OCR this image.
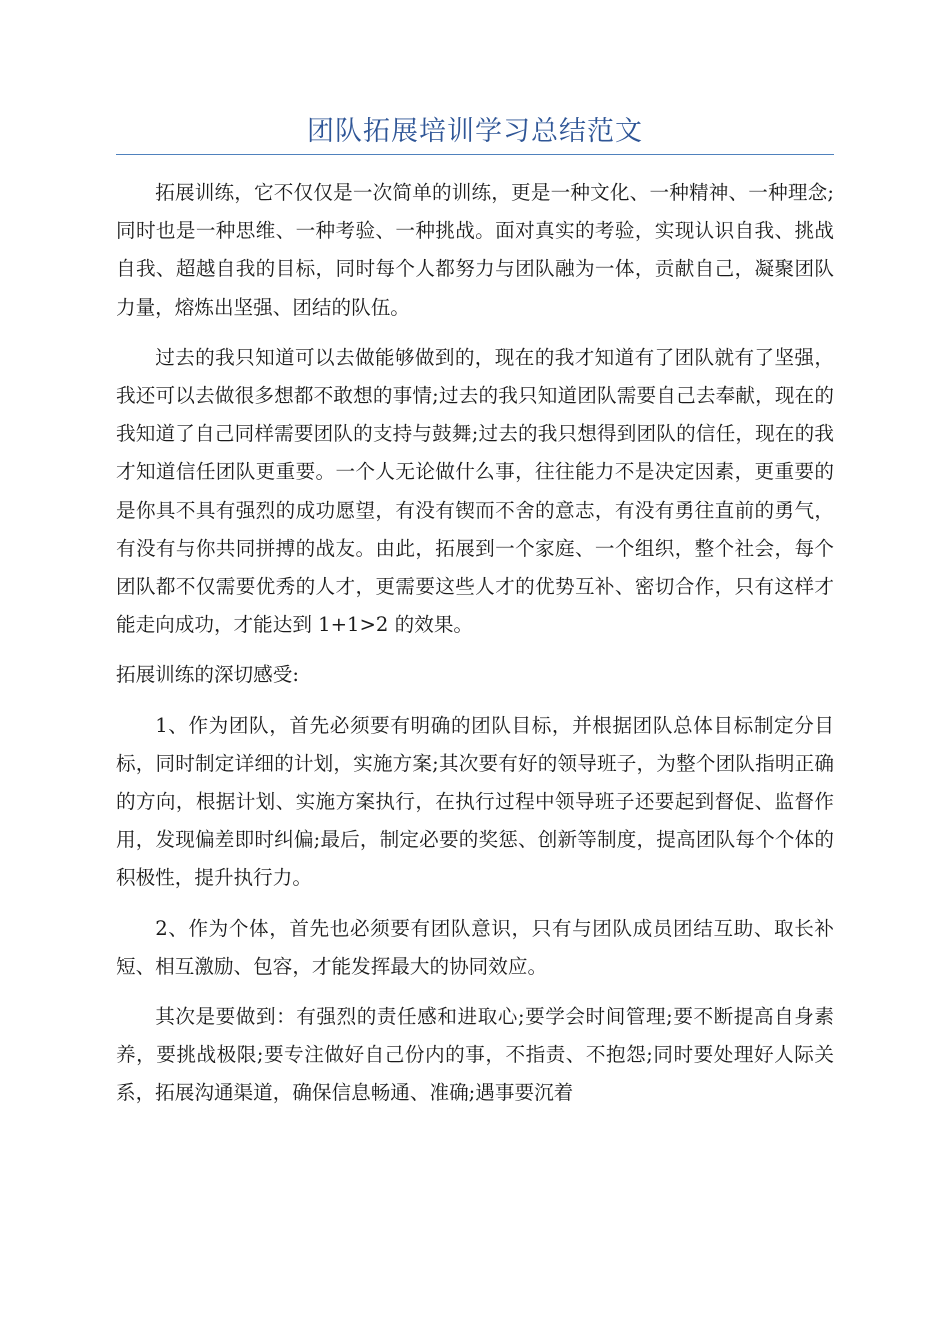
团队拓展培训学习总结范文

拓展训练，它不仅仅是一次简单的训练，更是一种文化、一种精神、一种理念;同时也是一种思维、一种考验、一种挑战。面对真实的考验，实现认识自我、挑战自我、超越自我的目标，同时每个人都努力与团队融为一体，贡献自己，凝聚团队力量，熔炼出坚强、团结的队伍。

过去的我只知道可以去做能够做到的，现在的我才知道有了团队就有了坚强，我还可以去做很多想都不敢想的事情;过去的我只知道团队需要自己去奉献，现在的我知道了自己同样需要团队的支持与鼓舞;过去的我只想得到团队的信任，现在的我才知道信任团队更重要。一个人无论做什么事，往往能力不是决定因素，更重要的是你具不具有强烈的成功愿望，有没有锲而不舍的意志，有没有勇往直前的勇气，有没有与你共同拼搏的战友。由此，拓展到一个家庭、一个组织，整个社会，每个团队都不仅需要优秀的人才，更需要这些人才的优势互补、密切合作，只有这样才能走向成功，才能达到 1+1>2 的效果。

拓展训练的深切感受:

1、作为团队，首先必须要有明确的团队目标，并根据团队总体目标制定分目标，同时制定详细的计划，实施方案;其次要有好的领导班子，为整个团队指明正确的方向，根据计划、实施方案执行，在执行过程中领导班子还要起到督促、监督作用，发现偏差即时纠偏;最后，制定必要的奖惩、创新等制度，提高团队每个个体的积极性，提升执行力。

2、作为个体，首先也必须要有团队意识，只有与团队成员团结互助、取长补短、相互激励、包容，才能发挥最大的协同效应。

其次是要做到：有强烈的责任感和进取心;要学会时间管理;要不断提高自身素养，要挑战极限;要专注做好自己份内的事，不指责、不抱怨;同时要处理好人际关系，拓展沟通渠道，确保信息畅通、准确;遇事要沉着
